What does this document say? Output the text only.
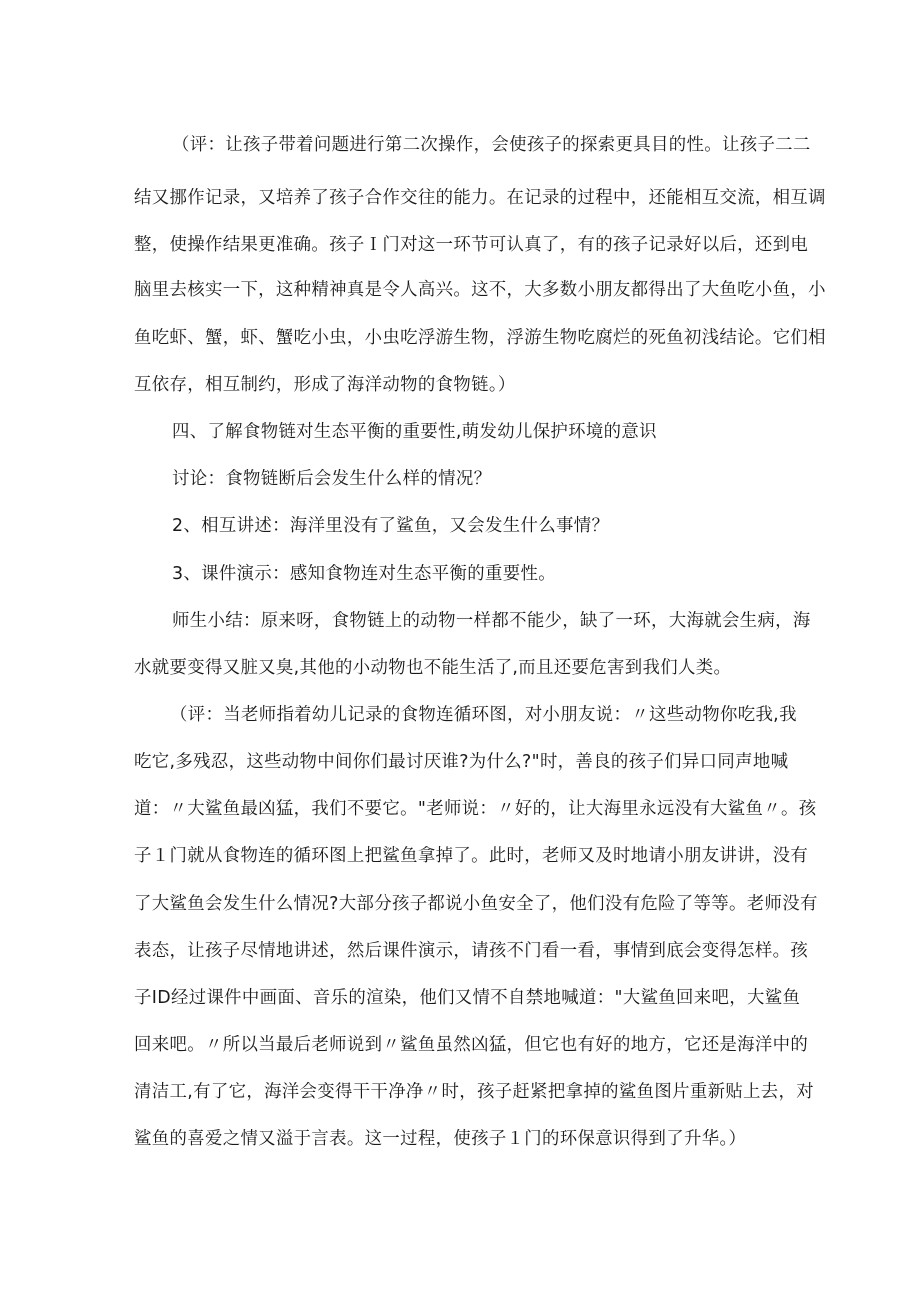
（评：让孩子带着问题进行第二次操作，会使孩子的探索更具目的性。让孩子二二
结又挪作记录，又培养了孩子合作交往的能力。在记录的过程中，还能相互交流，相互调
整，使操作结果更准确。孩子Ｉ门对这一环节可认真了，有的孩子记录好以后，还到电
脑里去核实一下，这种精神真是令人高兴。这不，大多数小朋友都得出了大鱼吃小鱼，小
鱼吃虾、蟹，虾、蟹吃小虫，小虫吃浮游生物，浮游生物吃腐烂的死鱼初浅结论。它们相
互依存，相互制约，形成了海洋动物的食物链。）
四、了解食物链对生态平衡的重要性,萌发幼儿保护环境的意识
讨论：食物链断后会发生什么样的情况？
2、相互讲述：海洋里没有了鲨鱼，又会发生什么事情？
3、课件演示：感知食物连对生态平衡的重要性。
师生小结：原来呀，食物链上的动物一样都不能少，缺了一环，大海就会生病，海
水就要变得又脏又臭,其他的小动物也不能生活了,而且还要危害到我们人类。
（评：当老师指着幼儿记录的食物连循环图，对小朋友说：〃这些动物你吃我,我
吃它,多残忍，这些动物中间你们最讨厌谁?为什么?"时，善良的孩子们异口同声地喊
道：〃大鲨鱼最凶猛，我们不要它。"老师说：〃好的，让大海里永远没有大鲨鱼〃。孩
子１门就从食物连的循环图上把鲨鱼拿掉了。此时，老师又及时地请小朋友讲讲，没有
了大鲨鱼会发生什么情况?大部分孩子都说小鱼安全了，他们没有危险了等等。老师没有
表态，让孩子尽情地讲述，然后课件演示，请孩不门看一看，事情到底会变得怎样。孩
子ID经过课件中画面、音乐的渲染，他们又情不自禁地喊道："大鲨鱼回来吧，大鲨鱼
回来吧。〃所以当最后老师说到〃鲨鱼虽然凶猛，但它也有好的地方，它还是海洋中的
清洁工,有了它，海洋会变得干干净净〃时，孩子赶紧把拿掉的鲨鱼图片重新贴上去，对
鲨鱼的喜爱之情又溢于言表。这一过程，使孩子１门的环保意识得到了升华。）
